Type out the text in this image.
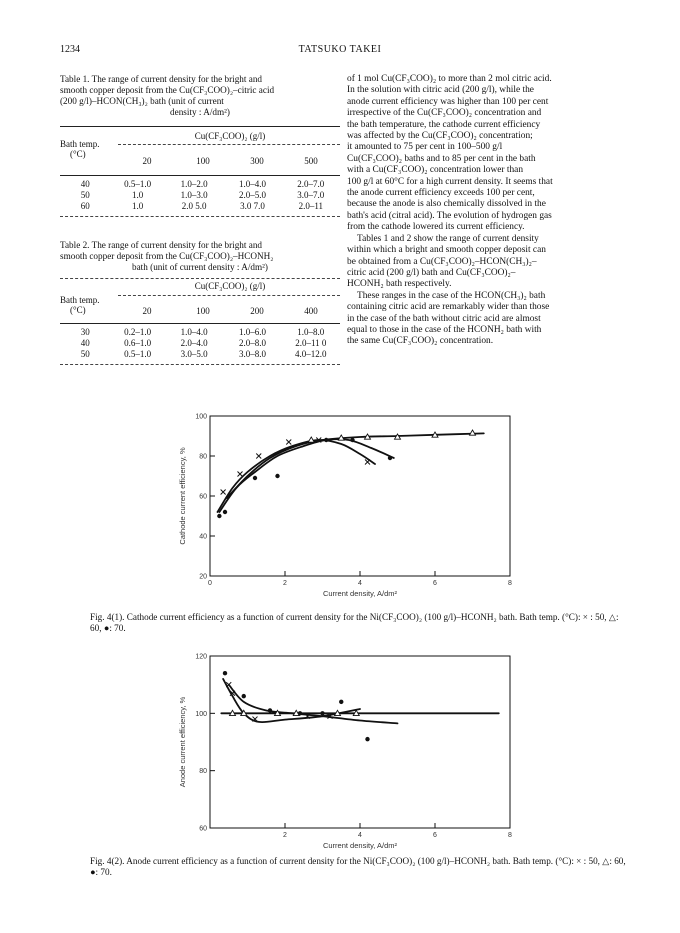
1234	TATSUKO TAKEI
Table 1. The range of current density for the bright and
smooth copper deposit from the Cu(CF₃COO)₂–citric acid
(200 g/l)–HCON(CH₃)₂ bath (unit of current
density : A/dm²)
Bath temp.
(°C)
Cu(CF₃COO)₂ (g/l)
20	100	300	500
40	0.5–1.0	1.0–2.0	1.0–4.0	2.0–7.0
50	1.0	1.0–3.0	2.0–5.0	3.0–7.0
60	1.0	2.0 5.0	3.0 7.0	2.0–11
Table 2. The range of current density for the bright and
smooth copper deposit from the Cu(CF₃COO)₂–HCONH₂
bath (unit of current density : A/dm²)
Bath temp.
(°C)
Cu(CF₃COO)₂ (g/l)
20	100	200	400
30	0.2–1.0	1.0–4.0	1.0–6.0	1.0–8.0
40	0.6–1.0	2.0–4.0	2.0–8.0	2.0–11 0
50	0.5–1.0	3.0–5.0	3.0–8.0	4.0–12.0
of 1 mol Cu(CF₃COO)₂ to more than 2 mol citric acid.
In the solution with citric acid (200 g/l), while the
anode current efficiency was higher than 100 per cent
irrespective of the Cu(CF₃COO)₂ concentration and
the bath temperature, the cathode current efficiency
was affected by the Cu(CF₃COO)₂ concentration;
it amounted to 75 per cent in 100–500 g/l
Cu(CF₃COO)₂ baths and to 85 per cent in the bath
with a Cu(CF₃COO)₂ concentration lower than
100 g/l at 60°C for a high current density. It seems that
the anode current efficiency exceeds 100 per cent,
because the anode is also chemically dissolved in the
bath's acid (citral acid). The evolution of hydrogen gas
from the cathode lowered its current efficiency.
Tables 1 and 2 show the range of current density
within which a bright and smooth copper deposit can
be obtained from a Cu(CF₃COO)₂–HCON(CH₃)₂–
citric acid (200 g/l) bath and Cu(CF₃COO)₂–
HCONH₂ bath respectively.
These ranges in the case of the HCON(CH₃)₂ bath
containing citric acid are remarkably wider than those
in the case of the bath without citric acid are almost
equal to those in the case of the HCONH₂ bath with
the same Cu(CF₃COO)₂ concentration.
0	2	4	6	8
20
40
60
80
100
Current density, A/dm²
Cathode current efficiency, %
Fig. 4(1). Cathode current efficiency as a function of current density for the Ni(CF₃COO)₂ (100 g/l)–HCONH₂ bath. Bath temp. (°C): × : 50, △: 60, ●: 70.
2	4	6	8
60
80
100
120
Current density, A/dm²
Anode current efficiency, %
Fig. 4(2). Anode current efficiency as a function of current density for the Ni(CF₃COO)₂ (100 g/l)–HCONH₂ bath. Bath temp. (°C): × : 50, △: 60, ●: 70.
